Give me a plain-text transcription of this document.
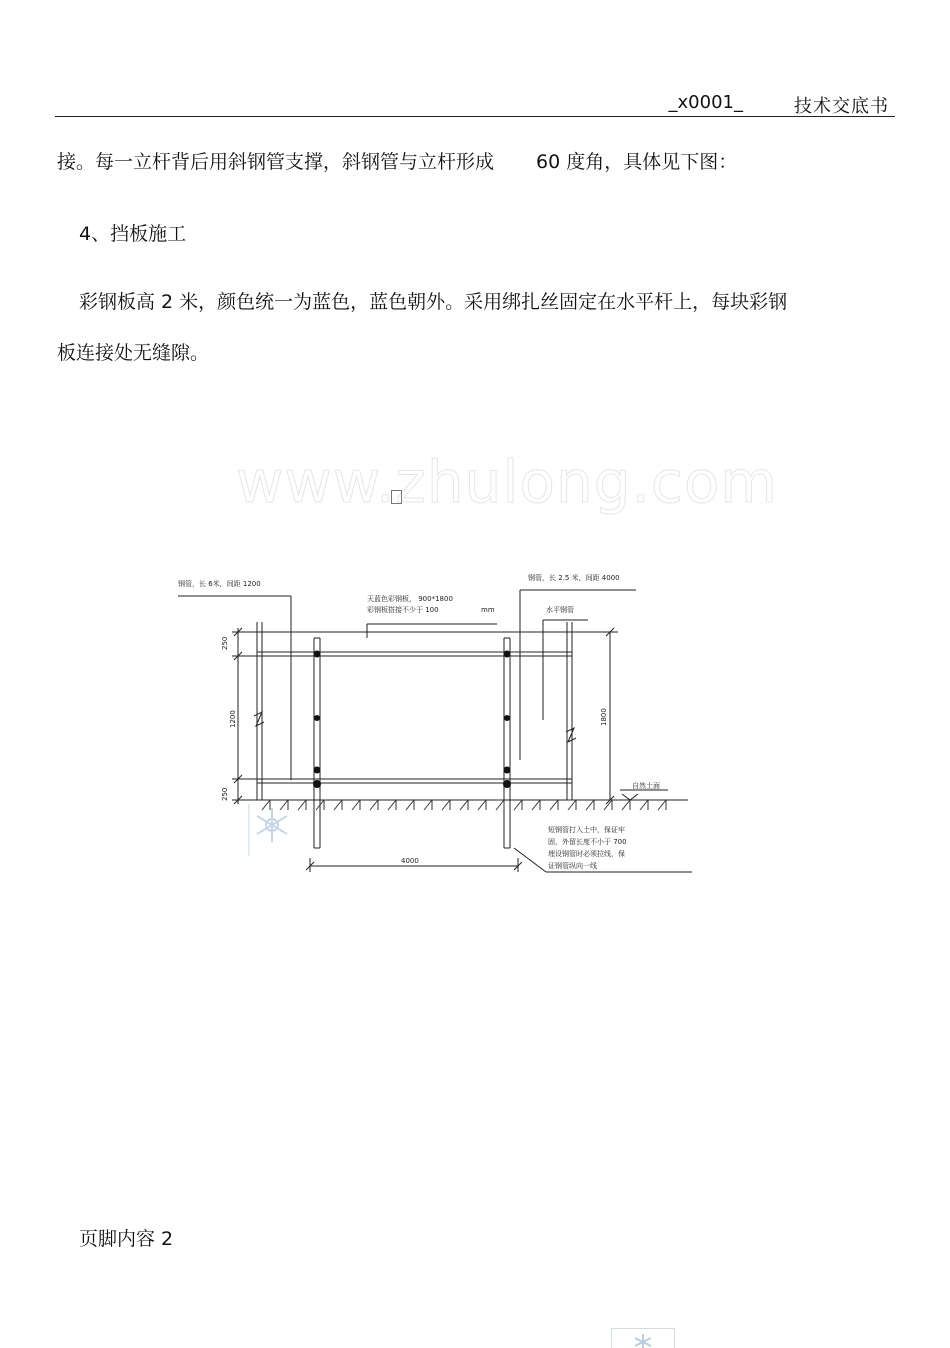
_x0001_	技术交底书
接。每一立杆背后用斜钢管支撑，斜钢管与立杆形成 60 度角，具体见下图：
4、挡板施工
彩钢板高 2 米，颜色统一为蓝色，蓝色朝外。采用绑扎丝固定在水平杆上，每块彩钢
板连接处无缝隙。
www.zhulong.com
钢管，长 6米，间距 1200
天蓝色彩钢板， 900*1800
彩钢板搭接不少于 100	mm
钢管，长 2.5 米，间距 4000
水平钢管
自然土面
短钢管打入土中，保证牢
固，外留长度不小于 700
埋设钢管时必须拉线，保
证钢管纵向一线
4000
250
1200
250
1800
页脚内容 2
